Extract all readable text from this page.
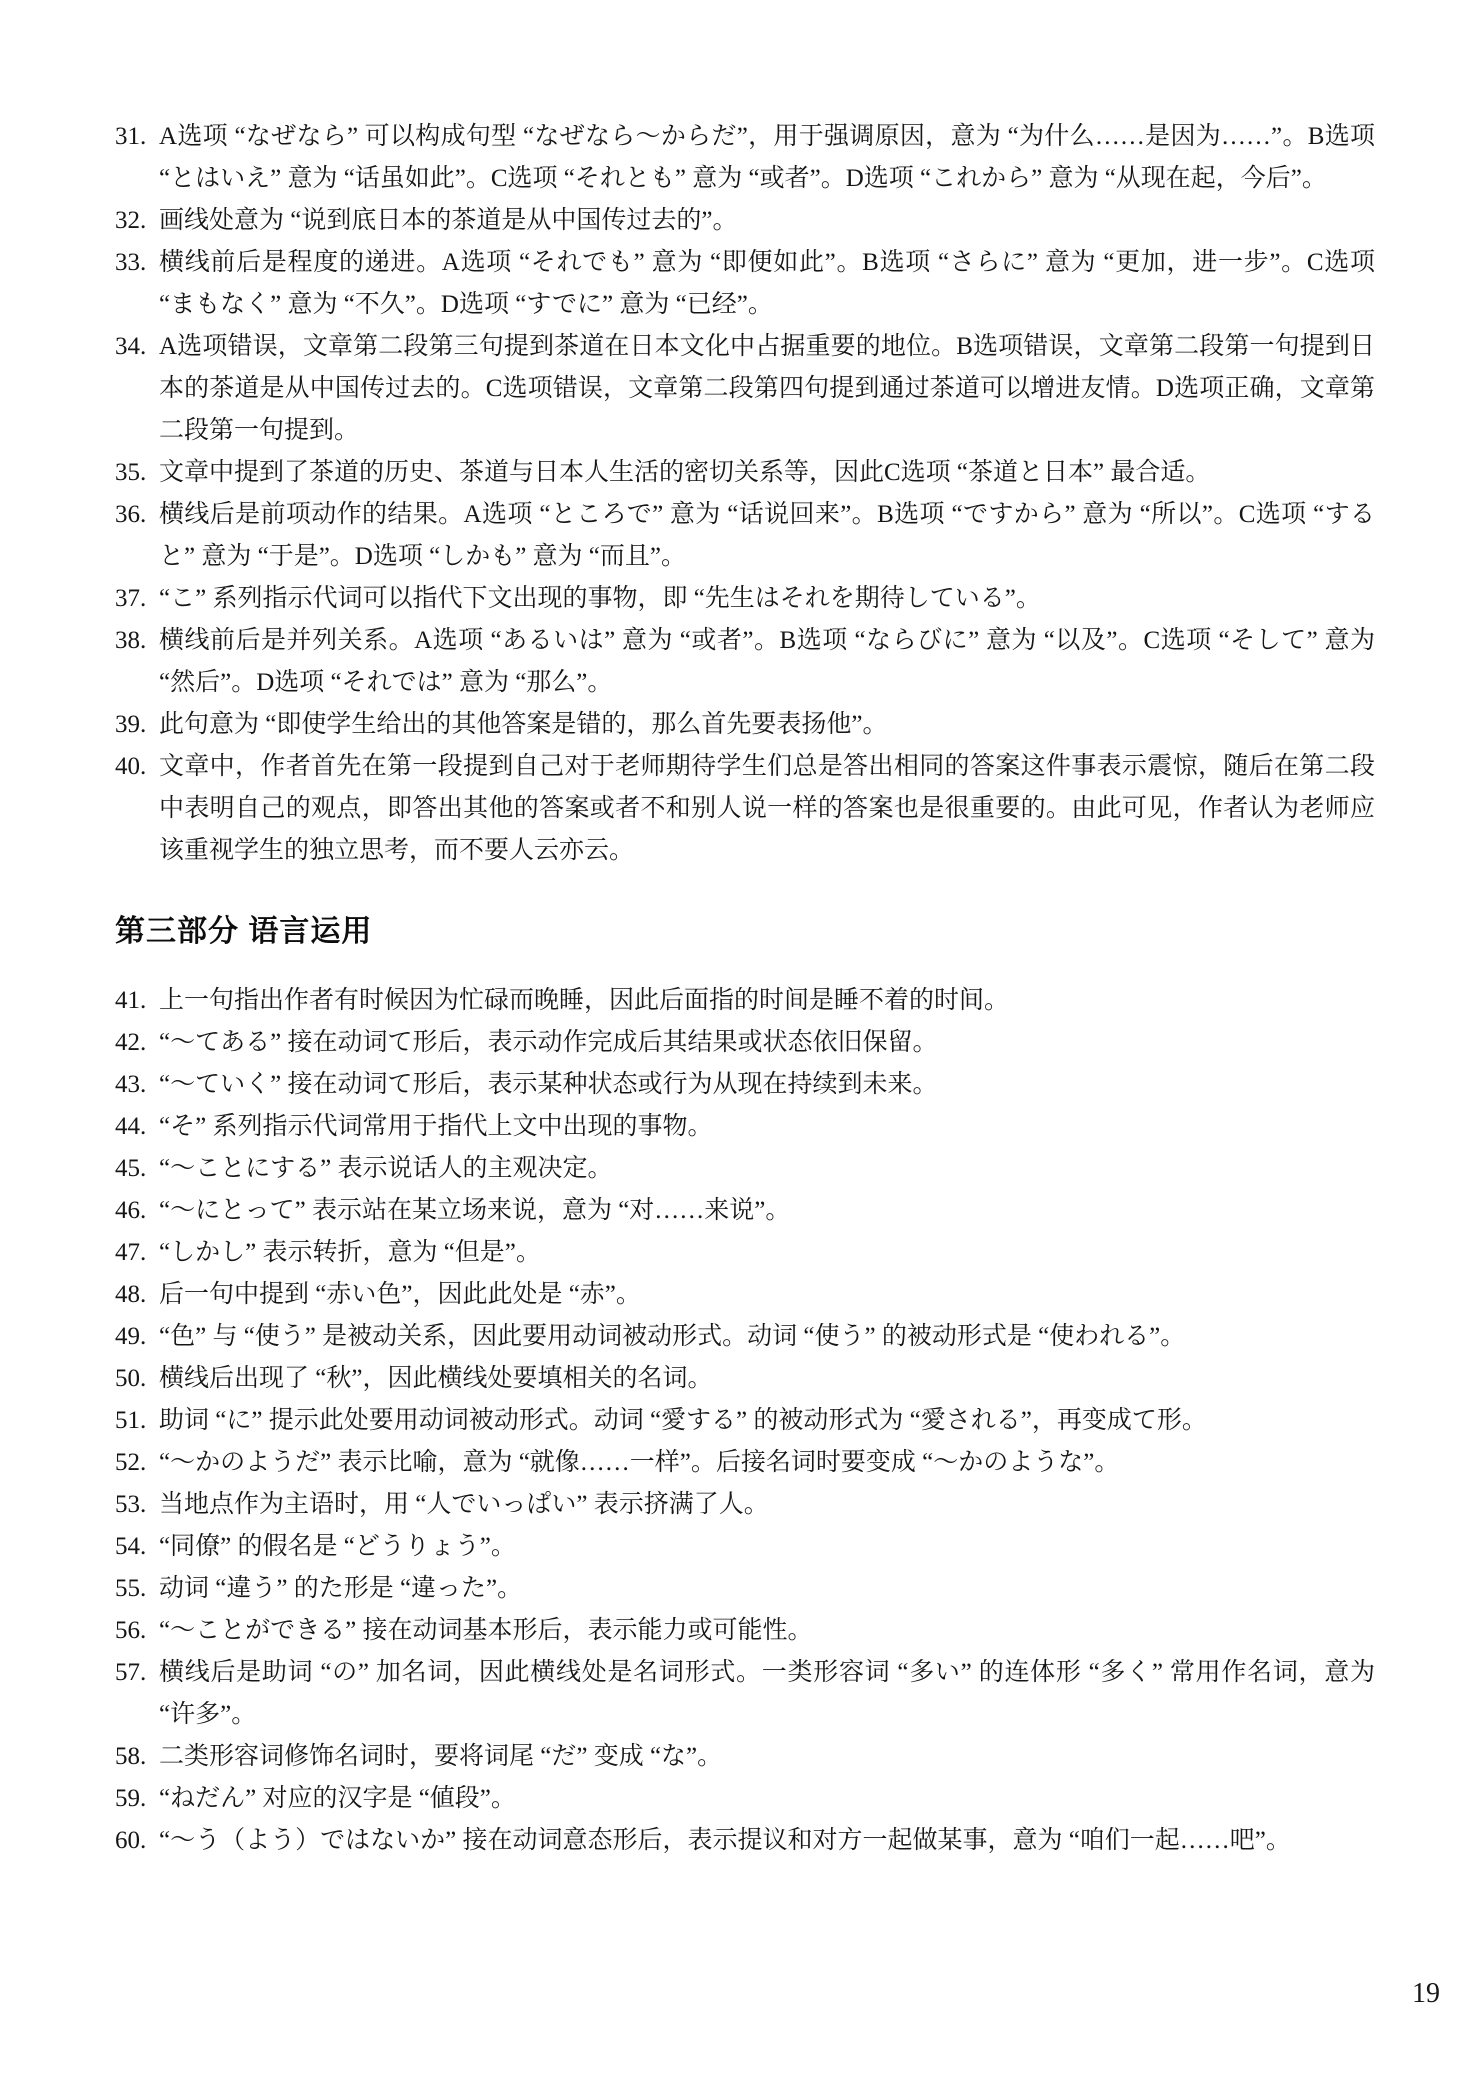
31. A选项 “なぜなら” 可以构成句型 “なぜなら～からだ”，用于强调原因，意为 “为什么……是因为……”。B选项 “とはいえ” 意为 “话虽如此”。C选项 “それとも” 意为 “或者”。D选项 “これから” 意为 “从现在起，今后”。
32. 画线处意为 “说到底日本的茶道是从中国传过去的”。
33. 横线前后是程度的递进。A选项 “それでも” 意为 “即便如此”。B选项 “さらに” 意为 “更加，进一步”。C选项 “まもなく” 意为 “不久”。D选项 “すでに” 意为 “已经”。
34. A选项错误，文章第二段第三句提到茶道在日本文化中占据重要的地位。B选项错误，文章第二段第一句提到日本的茶道是从中国传过去的。C选项错误，文章第二段第四句提到通过茶道可以增进友情。D选项正确，文章第二段第一句提到。
35. 文章中提到了茶道的历史、茶道与日本人生活的密切关系等，因此C选项 “茶道と日本” 最合适。
36. 横线后是前项动作的结果。A选项 “ところで” 意为 “话说回来”。B选项 “ですから” 意为 “所以”。C选项 “すると” 意为 “于是”。D选项 “しかも” 意为 “而且”。
37. “こ” 系列指示代词可以指代下文出现的事物，即 “先生はそれを期待している”。
38. 横线前后是并列关系。A选项 “あるいは” 意为 “或者”。B选项 “ならびに” 意为 “以及”。C选项 “そして” 意为 “然后”。D选项 “それでは” 意为 “那么”。
39. 此句意为 “即使学生给出的其他答案是错的，那么首先要表扬他”。
40. 文章中，作者首先在第一段提到自己对于老师期待学生们总是答出相同的答案这件事表示震惊，随后在第二段中表明自己的观点，即答出其他的答案或者不和别人说一样的答案也是很重要的。由此可见，作者认为老师应该重视学生的独立思考，而不要人云亦云。
第三部分 语言运用
41. 上一句指出作者有时候因为忙碌而晚睡，因此后面指的时间是睡不着的时间。
42. “～てある” 接在动词て形后，表示动作完成后其结果或状态依旧保留。
43. “～ていく” 接在动词て形后，表示某种状态或行为从现在持续到未来。
44. “そ” 系列指示代词常用于指代上文中出现的事物。
45. “～ことにする” 表示说话人的主观决定。
46. “～にとって” 表示站在某立场来说，意为 “对……来说”。
47. “しかし” 表示转折，意为 “但是”。
48. 后一句中提到 “赤い色”，因此此处是 “赤”。
49. “色” 与 “使う” 是被动关系，因此要用动词被动形式。动词 “使う” 的被动形式是 “使われる”。
50. 横线后出现了 “秋”，因此横线处要填相关的名词。
51. 助词 “に” 提示此处要用动词被动形式。动词 “愛する” 的被动形式为 “愛される”，再变成て形。
52. “～かのようだ” 表示比喻，意为 “就像……一样”。后接名词时要变成 “～かのような”。
53. 当地点作为主语时，用 “人でいっぱい” 表示挤满了人。
54. “同僚” 的假名是 “どうりょう”。
55. 动词 “違う” 的た形是 “違った”。
56. “～ことができる” 接在动词基本形后，表示能力或可能性。
57. 横线后是助词 “の” 加名词，因此横线处是名词形式。一类形容词 “多い” 的连体形 “多く” 常用作名词，意为 “许多”。
58. 二类形容词修饰名词时，要将词尾 “だ” 变成 “な”。
59. “ねだん” 对应的汉字是 “値段”。
60. “～う（よう）ではないか” 接在动词意态形后，表示提议和对方一起做某事，意为 “咱们一起……吧”。
19
